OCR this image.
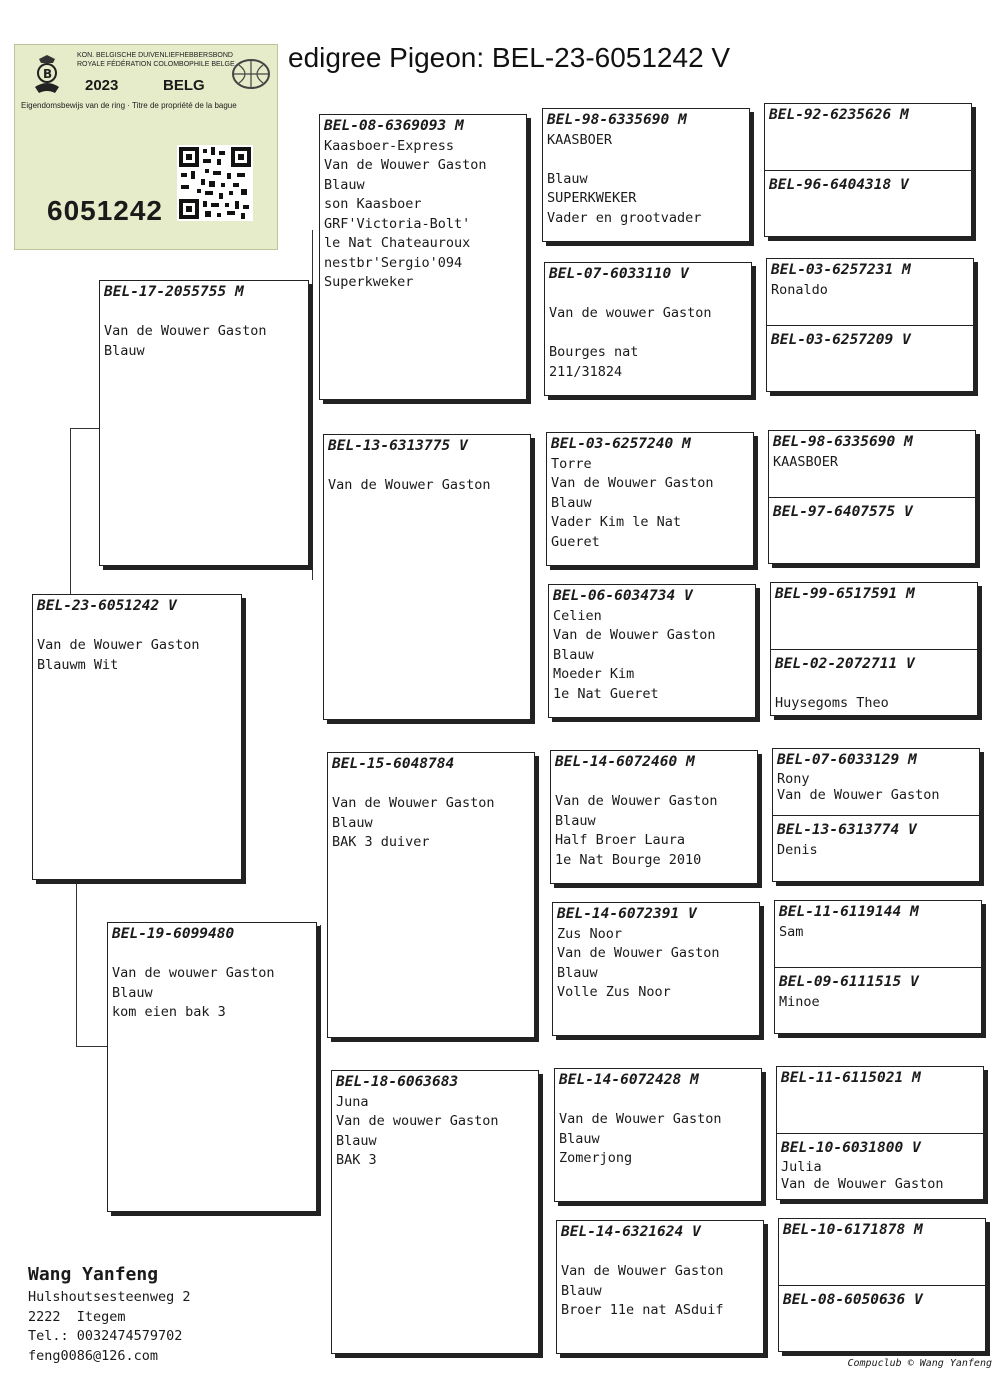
edigree Pigeon: BEL-23-6051242 V
B
KON. BELGISCHE DUIVENLIEFHEBBERSBOND
ROYALE FÉDÉRATION COLOMBOPHILE BELGE
2023	BELG
Eigendomsbewijs van de ring · Titre de propriété de la bague
6051242
BEL-23-6051242 V
Van de Wouwer Gaston
Blauwm Wit
BEL-17-2055755 M
Van de Wouwer Gaston
Blauw
BEL-19-6099480
Van de wouwer Gaston
Blauw
kom eien bak 3
BEL-08-6369093 M
Kaasboer-Express
Van de Wouwer Gaston
Blauw
son Kaasboer
GRF'Victoria-Bolt'
le Nat Chateauroux
nestbr'Sergio'094
Superkweker
BEL-13-6313775 V
Van de Wouwer Gaston
BEL-15-6048784
Van de Wouwer Gaston
Blauw
BAK 3 duiver
BEL-18-6063683
Juna
Van de wouwer Gaston
Blauw
BAK 3
BEL-98-6335690 M
KAASBOER
Blauw
SUPERKWEKER
Vader en grootvader
BEL-07-6033110 V
Van de wouwer Gaston
Bourges nat
211/31824
BEL-03-6257240 M
Torre
Van de Wouwer Gaston
Blauw
Vader Kim le Nat
Gueret
BEL-06-6034734 V
Celien
Van de Wouwer Gaston
Blauw
Moeder Kim
1e Nat Gueret
BEL-14-6072460 M
Van de Wouwer Gaston
Blauw
Half Broer Laura
1e Nat Bourge 2010
BEL-14-6072391 V
Zus Noor
Van de Wouwer Gaston
Blauw
Volle Zus Noor
BEL-14-6072428 M
Van de Wouwer Gaston
Blauw
Zomerjong
BEL-14-6321624 V
Van de Wouwer Gaston
Blauw
Broer 11e nat ASduif
BEL-92-6235626 M
BEL-96-6404318 V
BEL-03-6257231 M
Ronaldo
BEL-03-6257209 V
BEL-98-6335690 M
KAASBOER
BEL-97-6407575 V
BEL-99-6517591 M
BEL-02-2072711 V
Huysegoms Theo
BEL-07-6033129 M
Rony
Van de Wouwer Gaston
BEL-13-6313774 V
Denis
BEL-11-6119144 M
Sam
BEL-09-6111515 V
Minoe
BEL-11-6115021 M
BEL-10-6031800 V
Julia
Van de Wouwer Gaston
BEL-10-6171878 M
BEL-08-6050636 V
Wang Yanfeng
Hulshoutsesteenweg 2
2222  Itegem
Tel.: 0032474579702
feng0086@126.com	Compuclub © Wang Yanfeng
